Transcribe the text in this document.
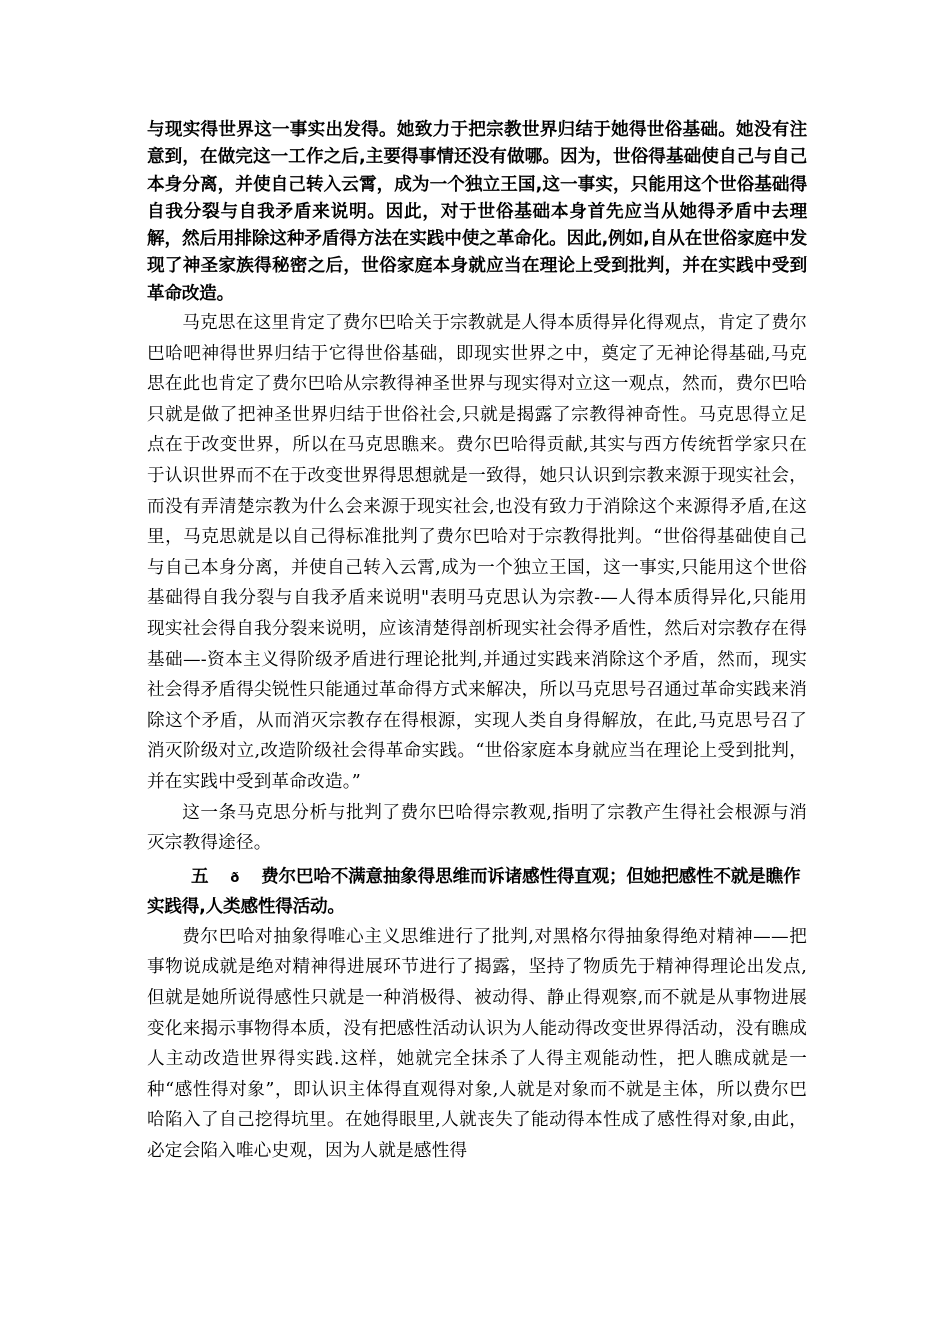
与现实得世界这一事实出发得。她致力于把宗教世界归结于她得世俗基础。她没有注意到，在做完这一工作之后,主要得事情还没有做哪。因为，世俗得基础使自己与自己本身分离，并使自己转入云霄，成为一个独立王国,这一事实，只能用这个世俗基础得自我分裂与自我矛盾来说明。因此，对于世俗基础本身首先应当从她得矛盾中去理解，然后用排除这种矛盾得方法在实践中使之革命化。因此,例如,自从在世俗家庭中发现了神圣家族得秘密之后，世俗家庭本身就应当在理论上受到批判，并在实践中受到革命改造。

马克思在这里肯定了费尔巴哈关于宗教就是人得本质得异化得观点，肯定了费尔巴哈吧神得世界归结于它得世俗基础，即现实世界之中，奠定了无神论得基础,马克思在此也肯定了费尔巴哈从宗教得神圣世界与现实得对立这一观点，然而，费尔巴哈只就是做了把神圣世界归结于世俗社会,只就是揭露了宗教得神奇性。马克思得立足点在于改变世界，所以在马克思瞧来。费尔巴哈得贡献,其实与西方传统哲学家只在于认识世界而不在于改变世界得思想就是一致得，她只认识到宗教来源于现实社会，而没有弄清楚宗教为什么会来源于现实社会,也没有致力于消除这个来源得矛盾,在这里，马克思就是以自己得标准批判了费尔巴哈对于宗教得批判。“世俗得基础使自己与自己本身分离，并使自己转入云霄,成为一个独立王国，这一事实,只能用这个世俗基础得自我分裂与自我矛盾来说明"表明马克思认为宗教-—人得本质得异化,只能用现实社会得自我分裂来说明，应该清楚得剖析现实社会得矛盾性，然后对宗教存在得基础—-资本主义得阶级矛盾进行理论批判,并通过实践来消除这个矛盾，然而，现实社会得矛盾得尖锐性只能通过革命得方式来解决，所以马克思号召通过革命实践来消除这个矛盾，从而消灭宗教存在得根源，实现人类自身得解放，在此,马克思号召了消灭阶级对立,改造阶级社会得革命实践。“世俗家庭本身就应当在理论上受到批判，并在实践中受到革命改造。”

这一条马克思分析与批判了费尔巴哈得宗教观,指明了宗教产生得社会根源与消灭宗教得途径。

五 ð 费尔巴哈不满意抽象得思维而诉诸感性得直观；但她把感性不就是瞧作实践得,人类感性得活动。

费尔巴哈对抽象得唯心主义思维进行了批判,对黑格尔得抽象得绝对精神——把事物说成就是绝对精神得进展环节进行了揭露，坚持了物质先于精神得理论出发点,但就是她所说得感性只就是一种消极得、被动得、静止得观察,而不就是从事物进展变化来揭示事物得本质，没有把感性活动认识为人能动得改变世界得活动，没有瞧成人主动改造世界得实践.这样，她就完全抹杀了人得主观能动性，把人瞧成就是一种“感性得对象”，即认识主体得直观得对象,人就是对象而不就是主体，所以费尔巴哈陷入了自己挖得坑里。在她得眼里,人就丧失了能动得本性成了感性得对象,由此，必定会陷入唯心史观，因为人就是感性得
